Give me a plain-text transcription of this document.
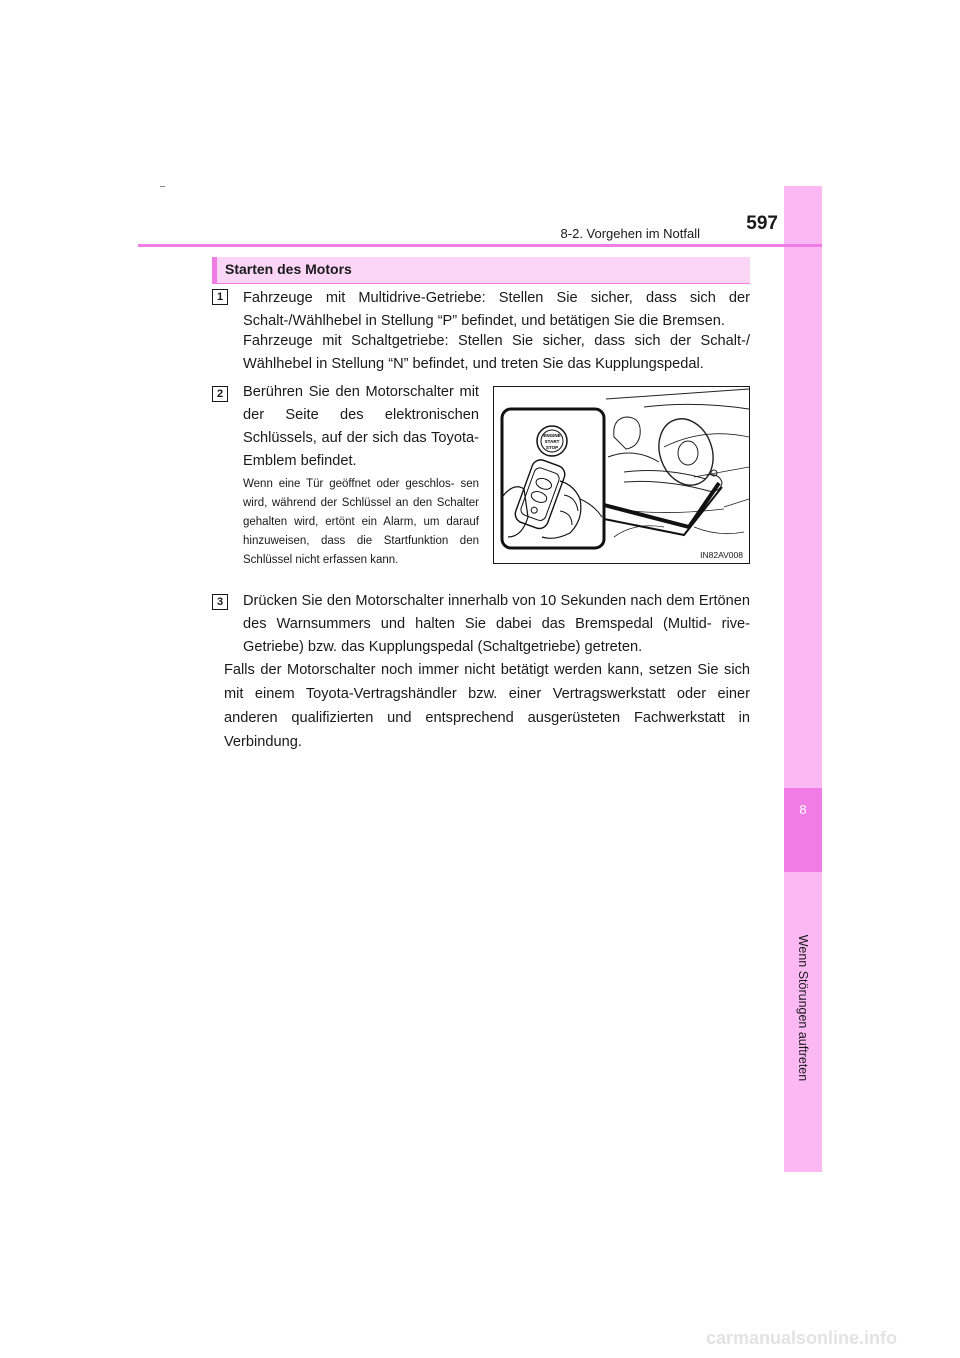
8
Wenn Störungen auftreten
8-2. Vorgehen im Notfall	597
Starten des Motors
1	Fahrzeuge mit Multidrive-Getriebe: Stellen Sie sicher, dass sich der Schalt-/Wählhebel in Stellung “P” befindet, und betätigen Sie die Bremsen.
Fahrzeuge mit Schaltgetriebe: Stellen Sie sicher, dass sich der Schalt-/ Wählhebel in Stellung “N” befindet, und treten Sie das Kupplungspedal.
2	Berühren Sie den Motorschalter mit der Seite des elektronischen Schlüssels, auf der sich das Toyota-Emblem befindet.
Wenn eine Tür geöffnet oder geschlos- sen wird, während der Schlüssel an den Schalter gehalten wird, ertönt ein Alarm, um darauf hinzuweisen, dass die Startfunktion den Schlüssel nicht erfassen kann.
ENGINE
START
STOP
IN82AV008
3	Drücken Sie den Motorschalter innerhalb von 10 Sekunden nach dem Ertönen des Warnsummers und halten Sie dabei das Bremspedal (Multid- rive-Getriebe) bzw. das Kupplungspedal (Schaltgetriebe) getreten.
Falls der Motorschalter noch immer nicht betätigt werden kann, setzen Sie sich mit einem Toyota-Vertragshändler bzw. einer Vertragswerkstatt oder einer anderen qualifizierten und entsprechend ausgerüsteten Fachwerkstatt in Verbindung.
carmanualsonline.info
